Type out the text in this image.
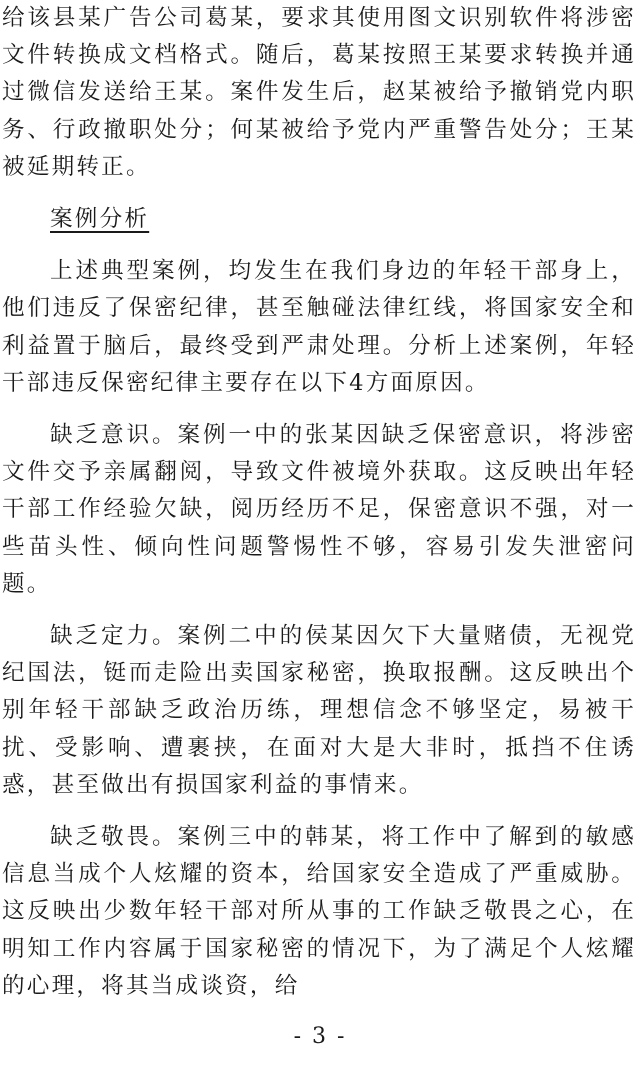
给该县某广告公司葛某，要求其使用图文识别软件将涉密文件转换成文档格式。随后，葛某按照王某要求转换并通过微信发送给王某。案件发生后，赵某被给予撤销党内职务、行政撤职处分；何某被给予党内严重警告处分；王某被延期转正。

案例分析

上述典型案例，均发生在我们身边的年轻干部身上，他们违反了保密纪律，甚至触碰法律红线，将国家安全和利益置于脑后，最终受到严肃处理。分析上述案例，年轻干部违反保密纪律主要存在以下4方面原因。

缺乏意识。案例一中的张某因缺乏保密意识，将涉密文件交予亲属翻阅，导致文件被境外获取。这反映出年轻干部工作经验欠缺，阅历经历不足，保密意识不强，对一些苗头性、倾向性问题警惕性不够，容易引发失泄密问题。

缺乏定力。案例二中的侯某因欠下大量赌债，无视党纪国法，铤而走险出卖国家秘密，换取报酬。这反映出个别年轻干部缺乏政治历练，理想信念不够坚定，易被干扰、受影响、遭裹挟，在面对大是大非时，抵挡不住诱惑，甚至做出有损国家利益的事情来。

缺乏敬畏。案例三中的韩某，将工作中了解到的敏感信息当成个人炫耀的资本，给国家安全造成了严重威胁。这反映出少数年轻干部对所从事的工作缺乏敬畏之心，在明知工作内容属于国家秘密的情况下，为了满足个人炫耀的心理，将其当成谈资，给

- 3 -
